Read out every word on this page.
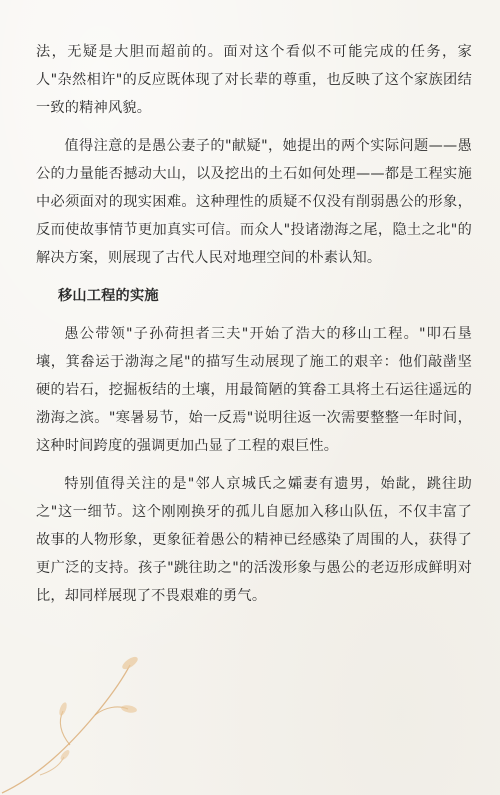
法，无疑是大胆而超前的。面对这个看似不可能完成的任务，家人"杂然相许"的反应既体现了对长辈的尊重，也反映了这个家族团结一致的精神风貌。

值得注意的是愚公妻子的"献疑"，她提出的两个实际问题——愚公的力量能否撼动大山，以及挖出的土石如何处理——都是工程实施中必须面对的现实困难。这种理性的质疑不仅没有削弱愚公的形象，反而使故事情节更加真实可信。而众人"投诸渤海之尾，隐土之北"的解决方案，则展现了古代人民对地理空间的朴素认知。

移山工程的实施

愚公带领"子孙荷担者三夫"开始了浩大的移山工程。"叩石垦壤，箕畚运于渤海之尾"的描写生动展现了施工的艰辛：他们敲凿坚硬的岩石，挖掘板结的土壤，用最简陋的箕畚工具将土石运往遥远的渤海之滨。"寒暑易节，始一反焉"说明往返一次需要整整一年时间，这种时间跨度的强调更加凸显了工程的艰巨性。

特别值得关注的是"邻人京城氏之孀妻有遗男，始龀，跳往助之"这一细节。这个刚刚换牙的孤儿自愿加入移山队伍，不仅丰富了故事的人物形象，更象征着愚公的精神已经感染了周围的人，获得了更广泛的支持。孩子"跳往助之"的活泼形象与愚公的老迈形成鲜明对比，却同样展现了不畏艰难的勇气。
